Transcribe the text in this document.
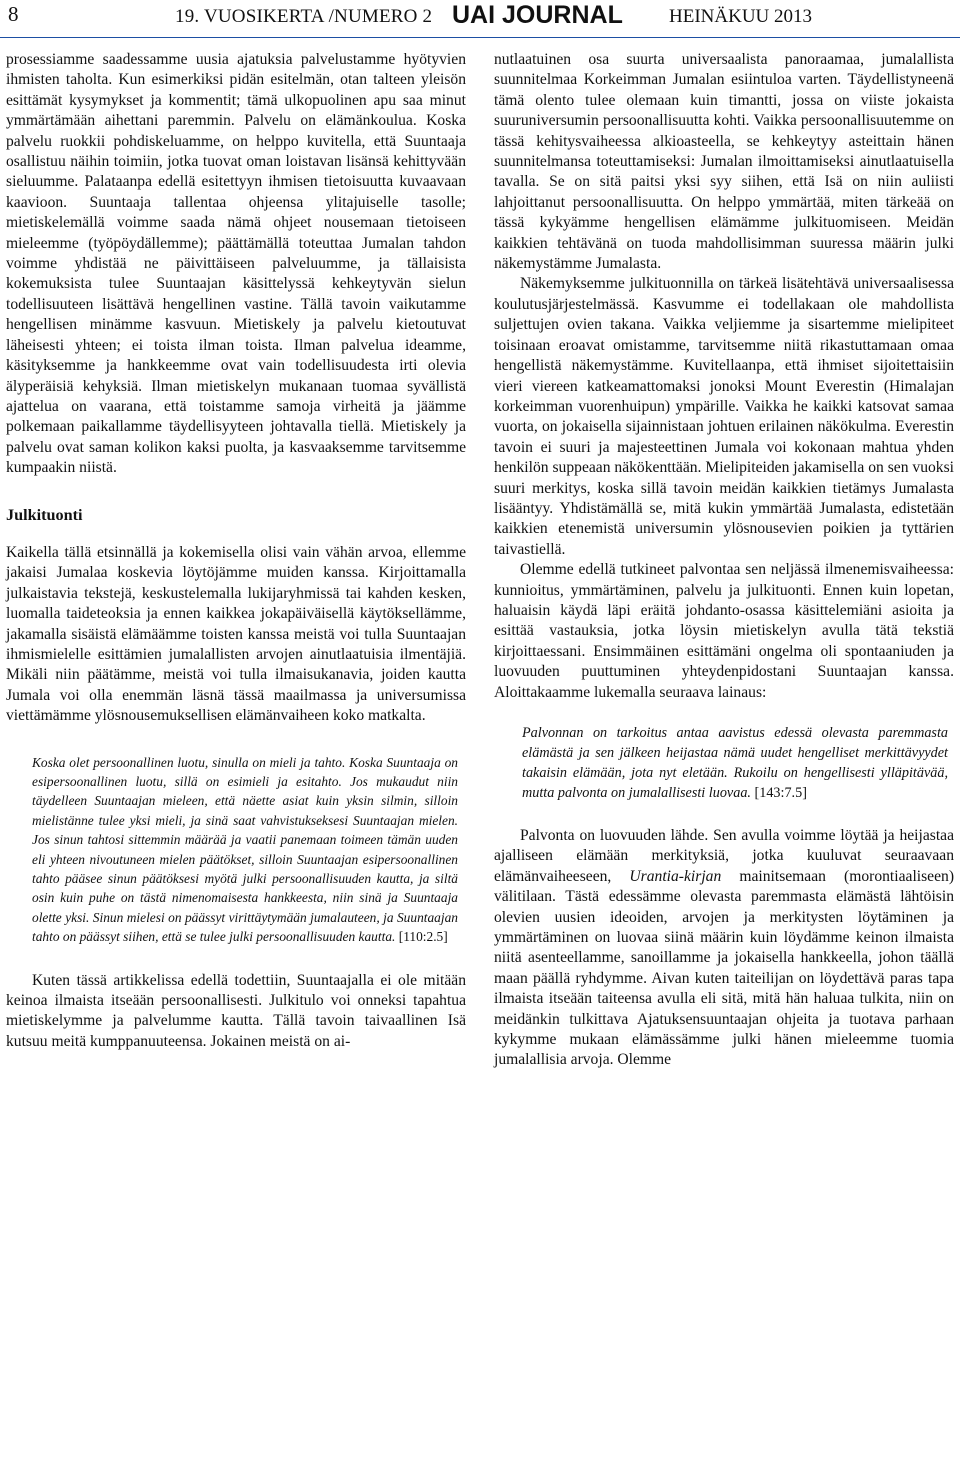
8	19. VUOSIKERTA /NUMERO 2 UAI JOURNAL HEINÄKUU 2013

prosessiamme saadessamme uusia ajatuksia palvelustamme hyötyvien ihmisten taholta. Kun esimerkiksi pidän esitelmän, otan talteen yleisön esittämät kysymykset ja kommentit; tämä ulkopuolinen apu saa minut ymmärtämään aihettani paremmin. Palvelu on elämänkoulua. Koska palvelu ruokkii pohdiskeluamme, on helppo kuvitella, että Suuntaaja osallistuu näihin toimiin, jotka tuovat oman loistavan lisänsä kehittyvään sieluumme. Palataanpa edellä esitettyyn ihmisen tietoisuutta kuvaavaan kaavioon. Suuntaaja tallentaa ohjeensa ylitajuiselle tasolle; mietiskelemällä voimme saada nämä ohjeet nousemaan tietoiseen mieleemme (työpöydällemme); päättämällä toteuttaa Jumalan tahdon voimme yhdistää ne päivittäiseen palveluumme, ja tällaisista kokemuksista tulee Suuntaajan käsittelyssä kehkeytyvän sielun todellisuuteen lisättävä hengellinen vastine. Tällä tavoin vaikutamme hengellisen minämme kasvuun. Mietiskely ja palvelu kietoutuvat läheisesti yhteen; ei toista ilman toista. Ilman palvelua ideamme, käsityksemme ja hankkeemme ovat vain todellisuudesta irti olevia älyperäisiä kehyksiä. Ilman mietiskelyn mukanaan tuomaa syvällistä ajattelua on vaarana, että toistamme samoja virheitä ja jäämme polkemaan paikallamme täydellisyyteen johtavalla tiellä. Mietiskely ja palvelu ovat saman kolikon kaksi puolta, ja kasvaaksemme tarvitsemme kumpaakin niistä.

Julkituonti

Kaikella tällä etsinnällä ja kokemisella olisi vain vähän arvoa, ellemme jakaisi Jumalaa koskevia löytöjämme muiden kanssa. Kirjoittamalla julkaistavia tekstejä, keskustelemalla lukijaryhmissä tai kahden kesken, luomalla taideteoksia ja ennen kaikkea jokapäiväisellä käytöksellämme, jakamalla sisäistä elämäämme toisten kanssa meistä voi tulla Suuntaajan ihmismielelle esittämien jumalallisten arvojen ainutlaatuisia ilmentäjiä. Mikäli niin päätämme, meistä voi tulla ilmaisukanavia, joiden kautta Jumala voi olla enemmän läsnä tässä maailmassa ja universumissa viettämämme ylösnousemuksellisen elämänvaiheen koko matkalta.

Koska olet persoonallinen luotu, sinulla on mieli ja tahto. Koska Suuntaaja on esipersoonallinen luotu, sillä on esimieli ja esitahto. Jos mukaudut niin täydelleen Suuntaajan mieleen, että näette asiat kuin yksin silmin, silloin mielistänne tulee yksi mieli, ja sinä saat vahvistukseksesi Suuntaajan mielen. Jos sinun tahtosi sittemmin määrää ja vaatii panemaan toimeen tämän uuden eli yhteen nivoutuneen mielen päätökset, silloin Suuntaajan esipersoonallinen tahto pääsee sinun päätöksesi myötä julki persoonallisuuden kautta, ja siltä osin kuin puhe on tästä nimenomaisesta hankkeesta, niin sinä ja Suuntaaja olette yksi. Sinun mielesi on päässyt virittäytymään jumalauteen, ja Suuntaajan tahto on päässyt siihen, että se tulee julki persoonallisuuden kautta. [110:2.5]

Kuten tässä artikkelissa edellä todettiin, Suuntaajalla ei ole mitään keinoa ilmaista itseään persoonallisesti. Julkitulo voi onneksi tapahtua mietiskelymme ja palvelumme kautta. Tällä tavoin taivaallinen Isä kutsuu meitä kumppanuuteensa. Jokainen meistä on ai-

nutlaatuinen osa suurta universaalista panoraamaa, jumalallista suunnitelmaa Korkeimman Jumalan esiintuloa varten. Täydellistyneenä tämä olento tulee olemaan kuin timantti, jossa on viiste jokaista suuruniversumin persoonallisuutta kohti. Vaikka persoonallisuutemme on tässä kehitysvaiheessa alkioasteella, se kehkeytyy asteittain hänen suunnitelmansa toteuttamiseksi: Jumalan ilmoittamiseksi ainutlaatuisella tavalla. Se on sitä paitsi yksi syy siihen, että Isä on niin auliisti lahjoittanut persoonallisuutta. On helppo ymmärtää, miten tärkeää on tässä kykyämme hengellisen elämämme julkituomiseen. Meidän kaikkien tehtävänä on tuoda mahdollisimman suuressa määrin julki näkemystämme Jumalasta.

Näkemyksemme julkituonnilla on tärkeä lisätehtävä universaalisessa koulutusjärjestelmässä. Kasvumme ei todellakaan ole mahdollista suljettujen ovien takana. Vaikka veljiemme ja sisartemme mielipiteet toisinaan eroavat omistamme, tarvitsemme niitä rikastuttamaan omaa hengellistä näkemystämme. Kuvitellaanpa, että ihmiset sijoitettaisiin vieri viereen katkeamattomaksi jonoksi Mount Everestin (Himalajan korkeimman vuorenhuipun) ympärille. Vaikka he kaikki katsovat samaa vuorta, on jokaisella sijainnistaan johtuen erilainen näkökulma. Everestin tavoin ei suuri ja majesteettinen Jumala voi kokonaan mahtua yhden henkilön suppeaan näkökenttään. Mielipiteiden jakamisella on sen vuoksi suuri merkitys, koska sillä tavoin meidän kaikkien tietämys Jumalasta lisääntyy. Yhdistämällä se, mitä kukin ymmärtää Jumalasta, edistetään kaikkien etenemistä universumin ylösnousevien poikien ja tyttärien taivastiellä.

Olemme edellä tutkineet palvontaa sen neljässä ilmenemisvaiheessa: kunnioitus, ymmärtäminen, palvelu ja julkituonti. Ennen kuin lopetan, haluaisin käydä läpi eräitä johdanto-osassa käsittelemiäni asioita ja esittää vastauksia, jotka löysin mietiskelyn avulla tätä tekstiä kirjoittaessani. Ensimmäinen esittämäni ongelma oli spontaaniuden ja luovuuden puuttuminen yhteydenpidostani Suuntaajan kanssa. Aloittakaamme lukemalla seuraava lainaus:

Palvonnan on tarkoitus antaa aavistus edessä olevasta paremmasta elämästä ja sen jälkeen heijastaa nämä uudet hengelliset merkittävyydet takaisin elämään, jota nyt eletään. Rukoilu on hengellisesti ylläpitävää, mutta palvonta on jumalallisesti luovaa. [143:7.5]

Palvonta on luovuuden lähde. Sen avulla voimme löytää ja heijastaa ajalliseen elämään merkityksiä, jotka kuuluvat seuraavaan elämänvaiheeseen, Urantia-kirjan mainitsemaan (morontiaaliseen) välitilaan. Tästä edessämme olevasta paremmasta elämästä lähtöisin olevien uusien ideoiden, arvojen ja merkitysten löytäminen ja ymmärtäminen on luovaa siinä määrin kuin löydämme keinon ilmaista niitä asenteellamme, sanoillamme ja jokaisella hankkeella, johon täällä maan päällä ryhdymme. Aivan kuten taiteilijan on löydettävä paras tapa ilmaista itseään taiteensa avulla eli sitä, mitä hän haluaa tulkita, niin on meidänkin tulkittava Ajatuksensuuntaajan ohjeita ja tuotava parhaan kykymme mukaan elämässämme julki hänen mieleemme tuomia jumalallisia arvoja. Olemme
